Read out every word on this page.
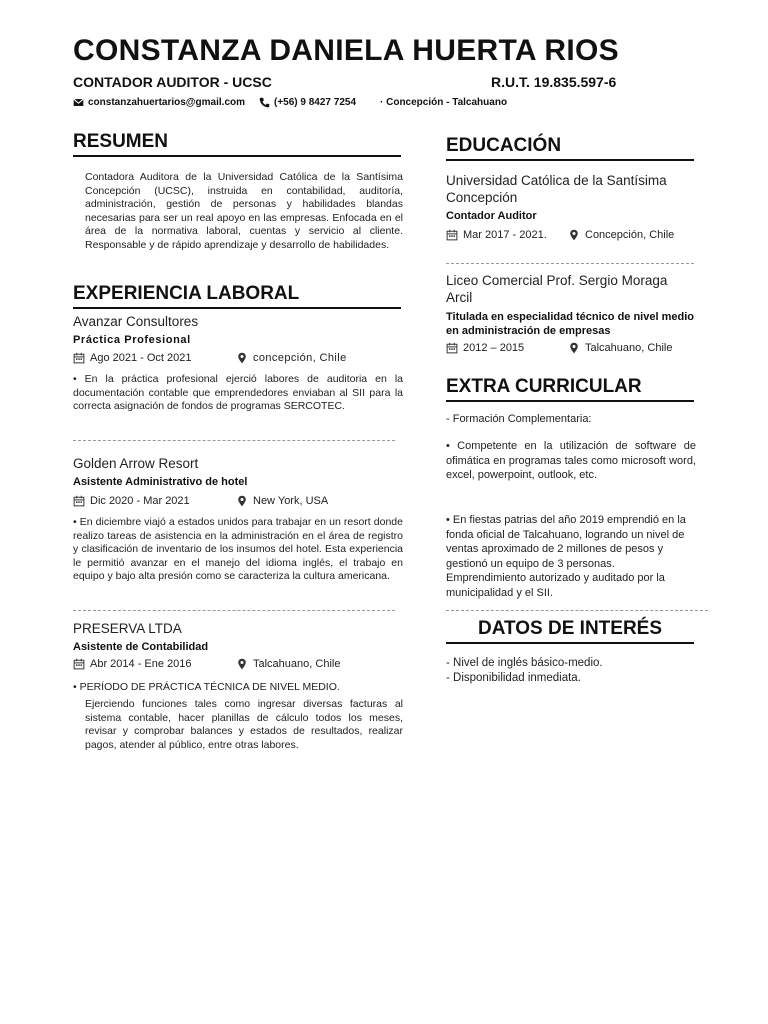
CONSTANZA DANIELA HUERTA RIOS
CONTADOR AUDITOR - UCSC	R.U.T. 19.835.597-6
constanzahuertarios@gmail.com	(+56) 9 8427 7254 · Concepción - Talcahuano
RESUMEN
Contadora Auditora de la Universidad Católica de la Santísima Concepción (UCSC), instruida en contabilidad, auditoría, administración, gestión de personas y habilidades blandas necesarias para ser un real apoyo en las empresas. Enfocada en el área de la normativa laboral, cuentas y servicio al cliente. Responsable y de rápido aprendizaje y desarrollo de habilidades.
EXPERIENCIA LABORAL
Avanzar Consultores
Práctica Profesional
Ago 2021 - Oct 2021	concepción, Chile
• En la práctica profesional ejerció labores de auditoria en la documentación contable que emprendedores enviaban al SII para la correcta asignación de fondos de programas SERCOTEC.
Golden Arrow Resort
Asistente Administrativo de hotel
Dic 2020 - Mar 2021	New York, USA
• En diciembre viajó a estados unidos para trabajar en un resort donde realizo tareas de asistencia en la administración en el área de registro y clasificación de inventario de los insumos del hotel. Esta experiencia le permitió avanzar en el manejo del idioma inglés, el trabajo en equipo y bajo alta presión como se caracteriza la cultura americana.
PRESERVA LTDA
Asistente de Contabilidad
Abr 2014 - Ene 2016	Talcahuano, Chile
• PERÍODO DE PRÁCTICA TÉCNICA DE NIVEL MEDIO.
Ejerciendo funciones tales como ingresar diversas facturas al sistema contable, hacer planillas de cálculo todos los meses, revisar y comprobar balances y estados de resultados, realizar pagos, atender al público, entre otras labores.
EDUCACIÓN
Universidad Católica de la Santísima Concepción
Contador Auditor
Mar 2017 - 2021.	Concepción, Chile
Liceo Comercial Prof. Sergio Moraga Arcil
Titulada en especialidad técnico de nivel medio en administración de empresas
2012 – 2015	Talcahuano, Chile
EXTRA CURRICULAR
- Formación Complementaria:
• Competente en la utilización de software de ofimática en programas tales como microsoft word, excel, powerpoint, outlook, etc.
• En fiestas patrias del año 2019 emprendió en la fonda oficial de Talcahuano, logrando un nivel de ventas aproximado de 2 millones de pesos y gestionó un equipo de 3 personas. Emprendimiento autorizado y auditado por la municipalidad y el SII.
DATOS DE INTERÉS
- Nivel de inglés básico-medio.
- Disponibilidad inmediata.
